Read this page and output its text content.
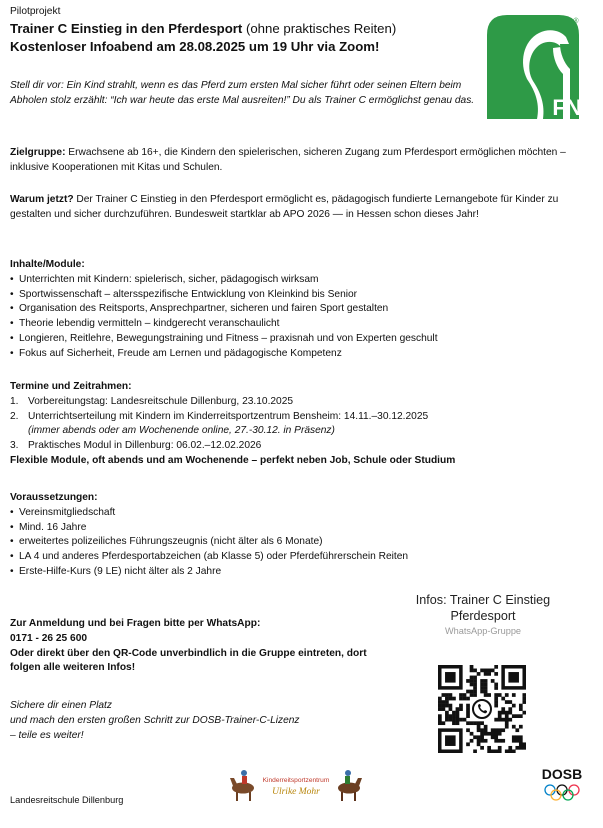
Pilotprojekt
Trainer C Einstieg in den Pferdesport (ohne praktisches Reiten)
Kostenloser Infoabend am 28.08.2025 um 19 Uhr via Zoom!
FN
®
Stell dir vor: Ein Kind strahlt, wenn es das Pferd zum ersten Mal sicher führt oder seinen Eltern beim Abholen stolz erzählt: “Ich war heute das erste Mal ausreiten!” Du als Trainer C ermöglichst genau das.
Zielgruppe: Erwachsene ab 16+, die Kindern den spielerischen, sicheren Zugang zum Pferdesport ermöglichen möchten – inklusive Kooperationen mit Kitas und Schulen.
Warum jetzt? Der Trainer C Einstieg in den Pferdesport ermöglicht es, pädagogisch fundierte Lernangebote für Kinder zu gestalten und sicher durchzuführen. Bundesweit startklar ab APO 2026 — in Hessen schon dieses Jahr!
Inhalte/Module:
• Unterrichten mit Kindern: spielerisch, sicher, pädagogisch wirksam
• Sportwissenschaft – altersspezifische Entwicklung von Kleinkind bis Senior
• Organisation des Reitsports, Ansprechpartner, sicheren und fairen Sport gestalten
• Theorie lebendig vermitteln – kindgerecht veranschaulicht
• Longieren, Reitlehre, Bewegungstraining und Fitness – praxisnah und von Experten geschult
• Fokus auf Sicherheit, Freude am Lernen und pädagogische Kompetenz
Termine und Zeitrahmen:
1. Vorbereitungstag: Landesreitschule Dillenburg, 23.10.2025
2. Unterrichtserteilung mit Kindern im Kinderreitsportzentrum Bensheim: 14.11.–30.12.2025
(immer abends oder am Wochenende online, 27.-30.12. in Präsenz)
3. Praktisches Modul in Dillenburg: 06.02.–12.02.2026
Flexible Module, oft abends und am Wochenende – perfekt neben Job, Schule oder Studium
Voraussetzungen:
• Vereinsmitgliedschaft
• Mind. 16 Jahre
• erweitertes polizeiliches Führungszeugnis (nicht älter als 6 Monate)
• LA 4 und anderes Pferdesportabzeichen (ab Klasse 5) oder Pferdeführerschein Reiten
• Erste-Hilfe-Kurs (9 LE) nicht älter als 2 Jahre
Zur Anmeldung und bei Fragen bitte per WhatsApp:
0171 - 26 25 600
Oder direkt über den QR-Code unverbindlich in die Gruppe eintreten, dort folgen alle weiteren Infos!
Sichere dir einen Platz
und mach den ersten großen Schritt zur DOSB-Trainer-C-Lizenz
– teile es weiter!
Infos: Trainer C Einstieg Pferdesport
WhatsApp-Gruppe
Kinderreitsportzentrum
Ulrike Mohr
Landesreitschule Dillenburg
DOSB
